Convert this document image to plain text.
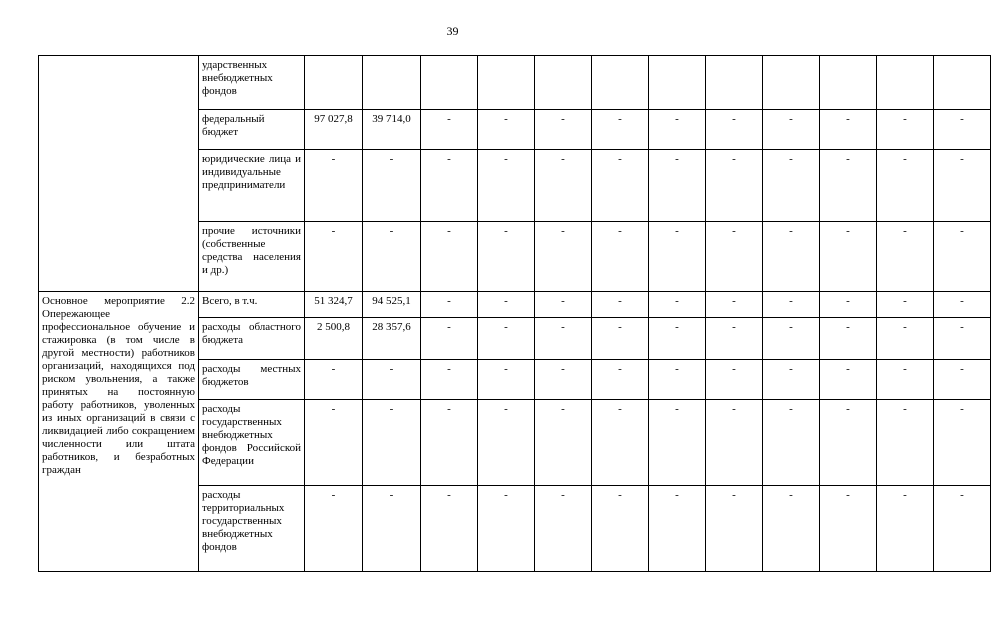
39
	ударственных внебюджетных фондов												
	федеральный бюджет	97 027,8	39 714,0	-	-	-	-	-	-	-	-	-	-
	юридические лица и индивидуальные предприниматели	-	-	-	-	-	-	-	-	-	-	-	-
	прочие источники (собственные средства населения и др.)	-	-	-	-	-	-	-	-	-	-	-	-
Основное мероприятие 2.2 Опережающее профессиональное обучение и стажировка (в том числе в другой местности) работников организаций, находящихся под риском увольнения, а также принятых на постоянную работу работников, уволенных из иных организаций в связи с ликвидацией либо сокращением численности или штата работников, и безработных граждан	Всего, в т.ч.	51 324,7	94 525,1	-	-	-	-	-	-	-	-	-	-
	расходы областного бюджета	2 500,8	28 357,6	-	-	-	-	-	-	-	-	-	-
	расходы местных бюджетов	-	-	-	-	-	-	-	-	-	-	-	-
	расходы государственных внебюджетных фондов Российской Федерации	-	-	-	-	-	-	-	-	-	-	-	-
	расходы территориальных государственных внебюджетных фондов	-	-	-	-	-	-	-	-	-	-	-	-
